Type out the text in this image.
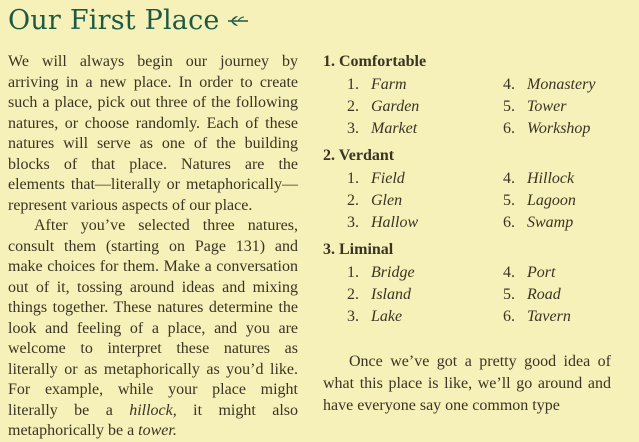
Our First Place

We will always begin our journey by arriving in a new place. In order to create such a place, pick out three of the following natures, or choose randomly. Each of these natures will serve as one of the building blocks of that place. Natures are the elements that—literally or metaphorically—represent various aspects of our place.

After you’ve selected three natures, consult them (starting on Page 131) and make choices for them. Make a conversation out of it, tossing around ideas and mixing things together. These natures determine the look and feeling of a place, and you are welcome to interpret these natures as literally or as metaphorically as you’d like. For example, while your place might literally be a hillock, it might also metaphorically be a tower.

1. Comfortable
1. Farm	4. Monastery
2. Garden	5. Tower
3. Market	6. Workshop
2. Verdant
1. Field	4. Hillock
2. Glen	5. Lagoon
3. Hallow	6. Swamp
3. Liminal
1. Bridge	4. Port
2. Island	5. Road
3. Lake	6. Tavern

Once we’ve got a pretty good idea of what this place is like, we’ll go around and have everyone say one common type
